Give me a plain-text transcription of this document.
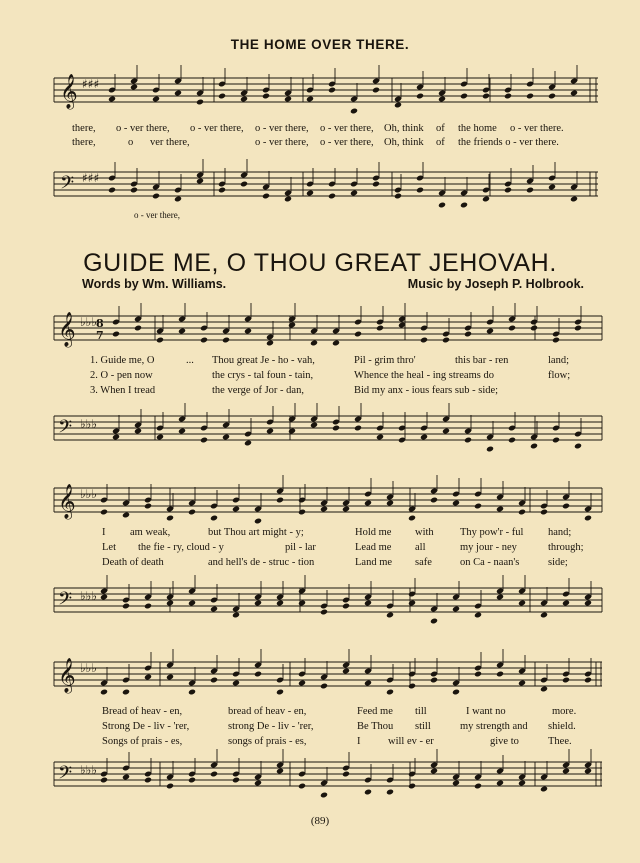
THE HOME OVER THERE.
𝄞 ♯♯♯
𝄢 ♯♯♯
𝄞 ♭♭♭ 8
7
𝄢 ♭♭♭
𝄞 ♭♭♭
𝄢 ♭♭♭
𝄞 ♭♭♭
𝄢 ♭♭♭
there, o - ver there, o - ver there, o - ver there, o - ver there, Oh, think of the home o - ver there.
there,	o ver there,	o - ver there, o - ver there, Oh, think of the friends o - ver there.
o - ver there,
GUIDE ME, O THOU GREAT JEHOVAH.
Words by Wm. Williams.	Music by Joseph P. Holbrook.
1. Guide me, O	... Thou great Je - ho - vah,	Pil - grim thro'	this bar - ren	land;
2. O - pen now	the crys - tal foun - tain,	Whence the heal - ing streams do	flow;
3. When I tread	the verge of Jor - dan,	Bid my anx - ious fears sub - side;
I am weak,	but Thou art might - y;	Hold me with	Thy pow'r - ful hand;
Let the fie - ry, cloud - y	pil - lar	Lead me all	my jour - ney	through;
Death of death	and hell's de - struc - tion	Land me safe	on Ca - naan's	side;
Bread of heav - en,	bread of heav - en,	Feed me till	I want no	more.
Strong De - liv - 'rer,	strong De - liv - 'rer,	Be Thou still	my strength and shield.
Songs of prais - es,	songs of prais - es,	I	will ev - er	give to	Thee.
(89)
